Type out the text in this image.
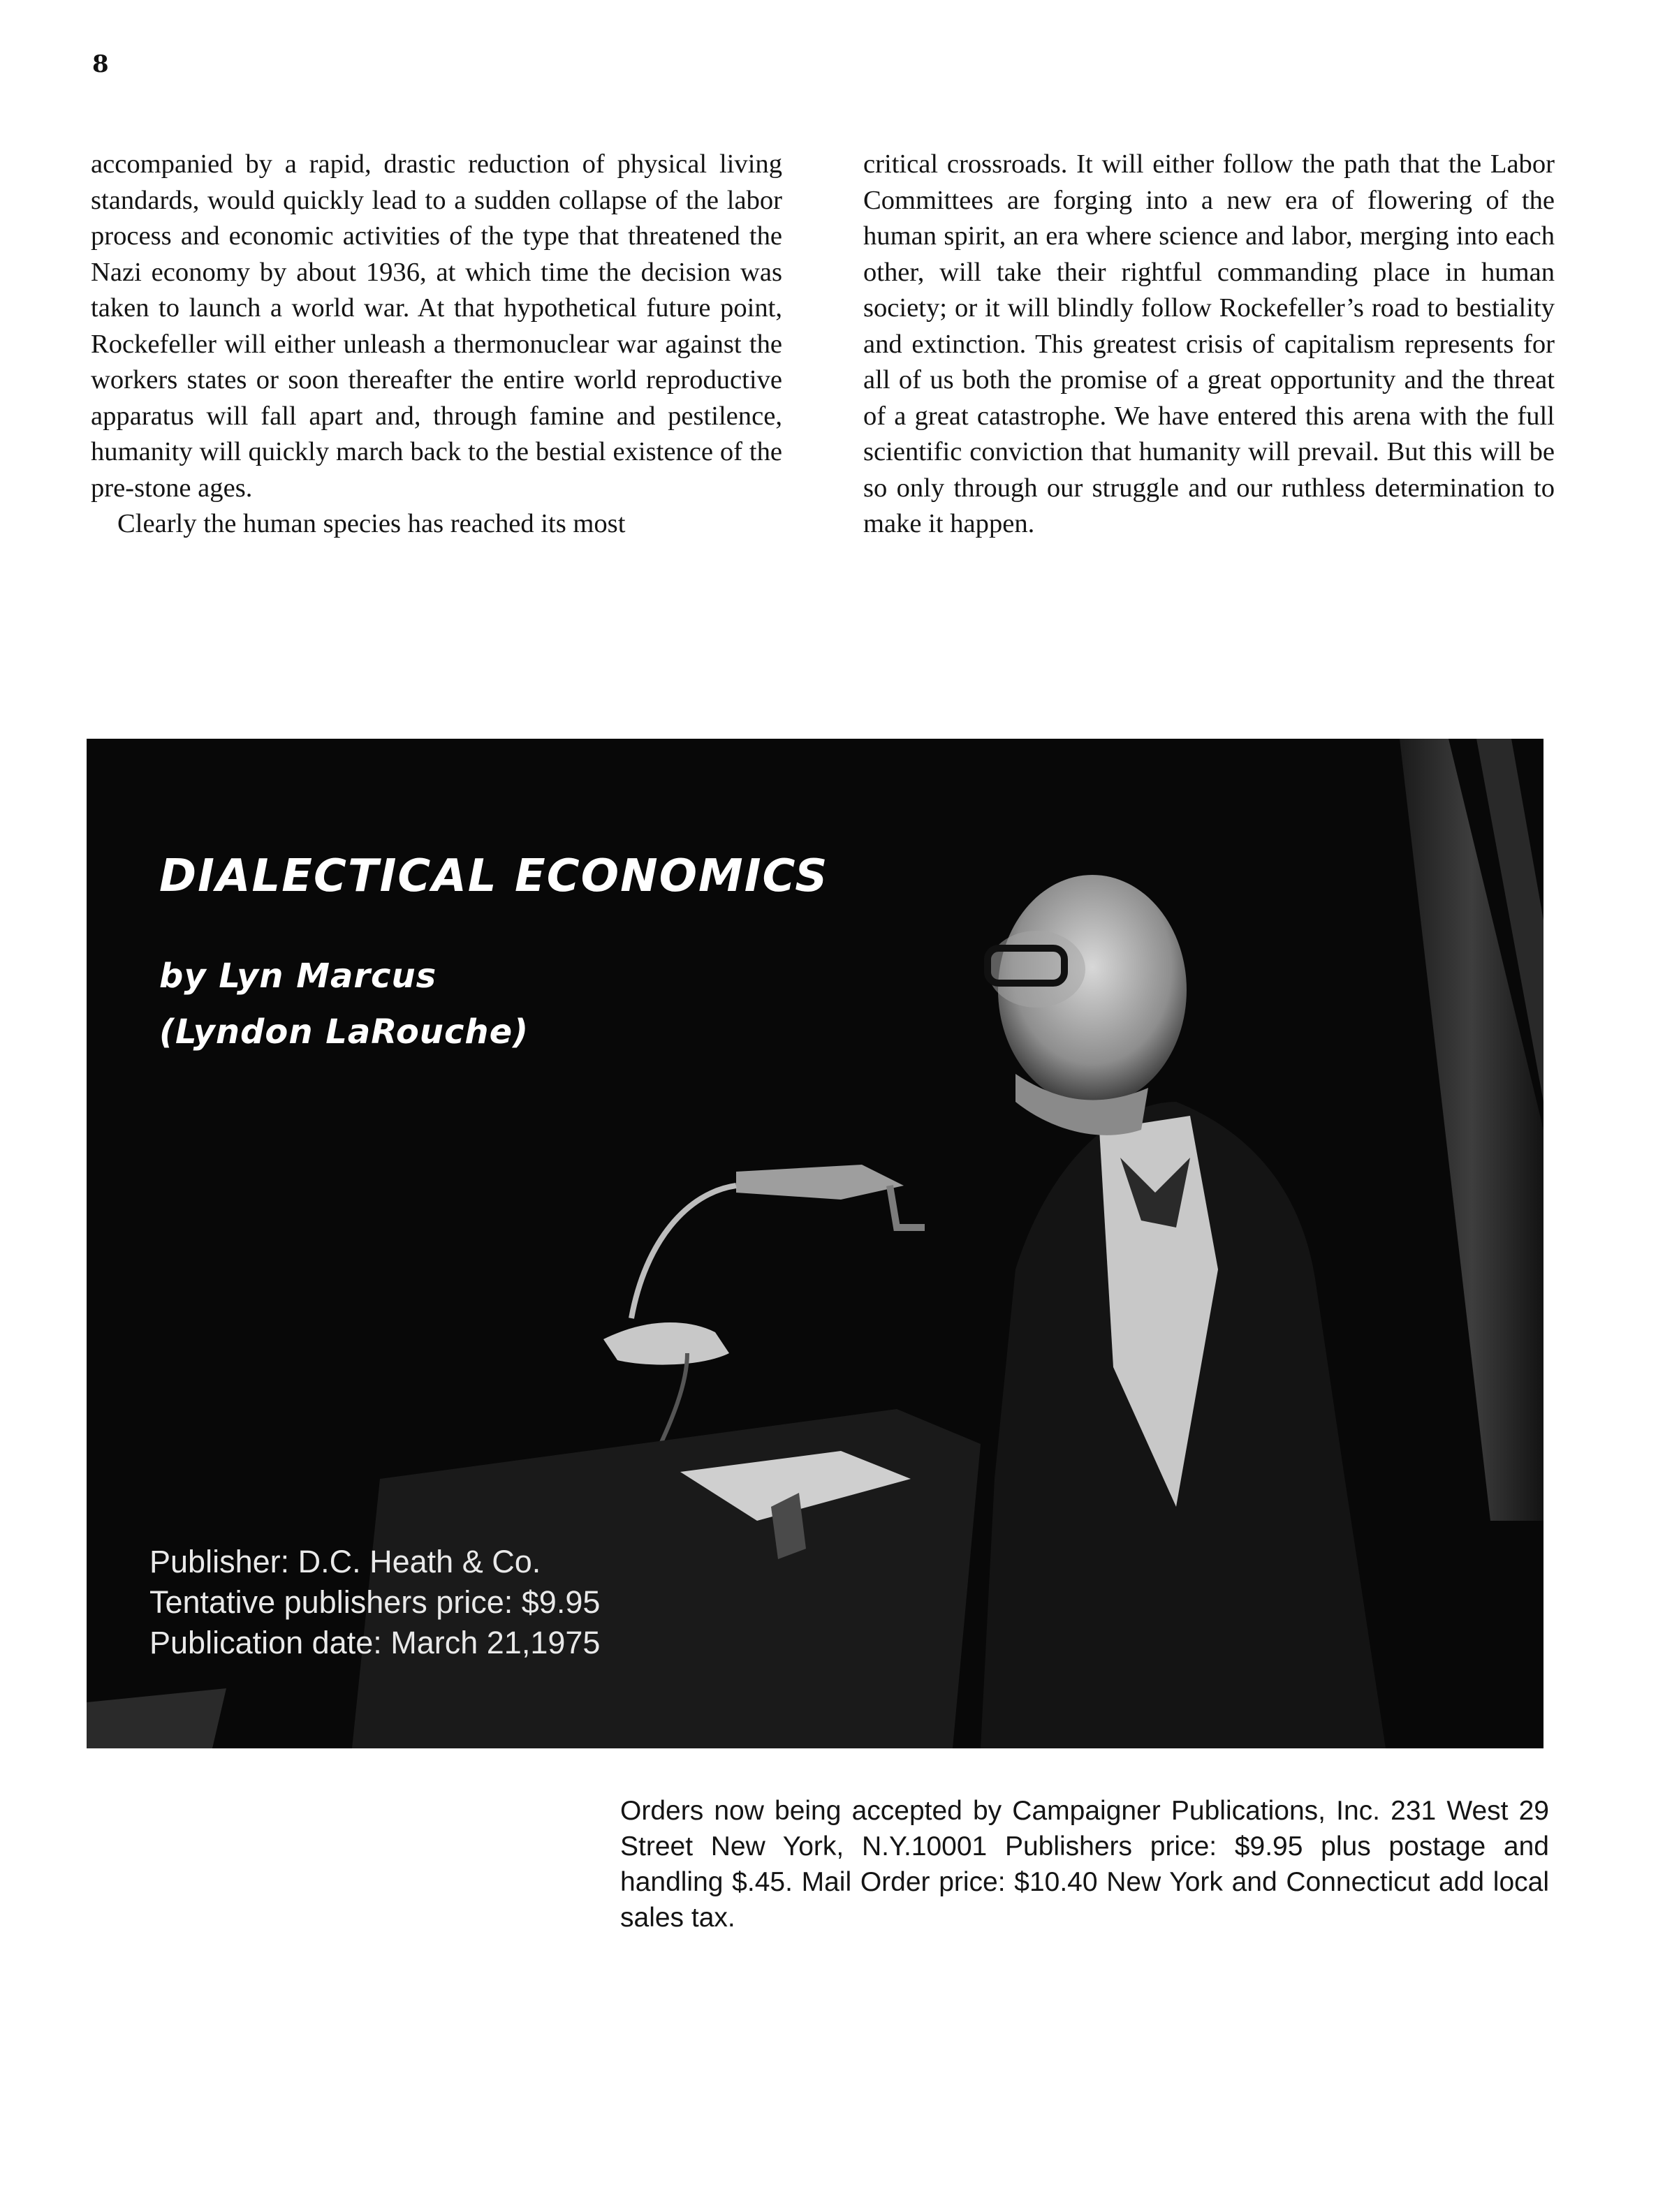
8

accompanied by a rapid, drastic reduction of physical living standards, would quickly lead to a sudden collapse of the labor process and economic activities of the type that threatened the Nazi economy by about 1936, at which time the decision was taken to launch a world war. At that hypothetical future point, Rockefeller will either unleash a thermonuclear war against the workers states or soon thereafter the entire world reproductive apparatus will fall apart and, through famine and pestilence, humanity will quickly march back to the bestial existence of the pre-stone ages.

Clearly the human species has reached its most

critical crossroads. It will either follow the path that the Labor Committees are forging into a new era of flowering of the human spirit, an era where science and labor, merging into each other, will take their rightful commanding place in human society; or it will blindly follow Rockefeller’s road to bestiality and extinction. This greatest crisis of capitalism represents for all of us both the promise of a great opportunity and the threat of a great catastrophe. We have entered this arena with the full scientific conviction that humanity will prevail. But this will be so only through our struggle and our ruthless determination to make it happen.

DIALECTICAL ECONOMICS
by Lyn Marcus
(Lyndon LaRouche)
Publisher: D.C. Heath & Co.
Tentative publishers price: $9.95
Publication date: March 21,1975

Orders now being accepted by Campaigner Publications, Inc. 231 West 29 Street New York, N.Y.10001 Publishers price: $9.95 plus postage and handling $.45. Mail Order price: $10.40 New York and Connecticut add local sales tax.
